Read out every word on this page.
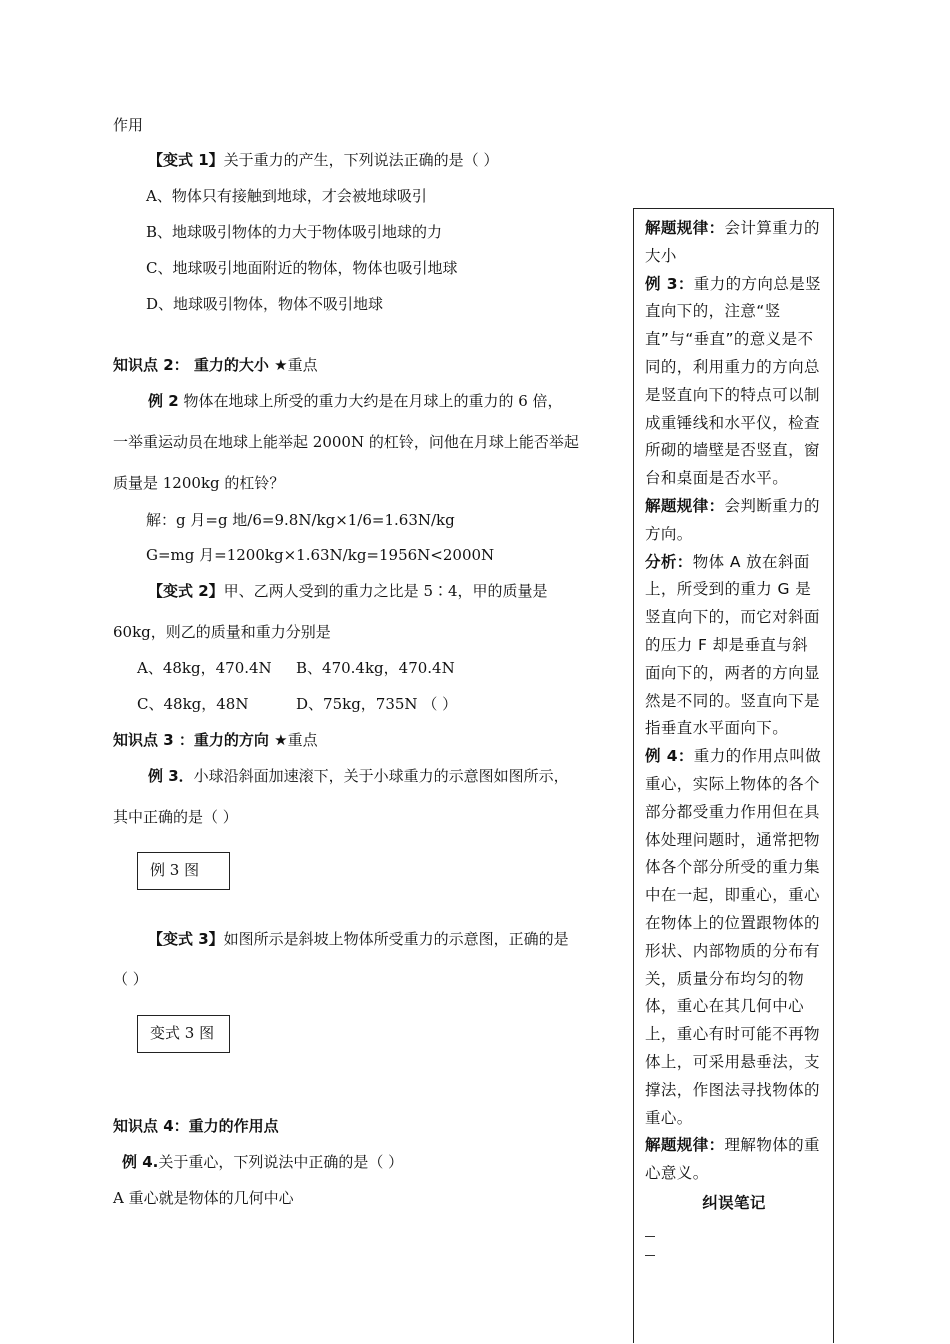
作用
【变式 1】关于重力的产生，下列说法正确的是（ ）
A、物体只有接触到地球，才会被地球吸引
B、地球吸引物体的力大于物体吸引地球的力
C、地球吸引地面附近的物体，物体也吸引地球
D、地球吸引物体，物体不吸引地球
知识点 2： 重力的大小 ★重点
例 2 物体在地球上所受的重力大约是在月球上的重力的 6 倍，
一举重运动员在地球上能举起 2000N 的杠铃，问他在月球上能否举起
质量是 1200kg 的杠铃？
解：g 月=g 地/6=9.8N/kg×1/6=1.63N/kg
G=mg 月=1200kg×1.63N/kg=1956N<2000N
【变式 2】甲、乙两人受到的重力之比是 5∶4，甲的质量是
60kg，则乙的质量和重力分别是
A、48kg，470.4N B、470.4kg，470.4N
C、48kg，48N	D、75kg，735N （ ）
知识点 3 ：重力的方向 ★重点
例 3．小球沿斜面加速滚下，关于小球重力的示意图如图所示，
其中正确的是（ ）
例 3 图
【变式 3】如图所示是斜坡上物体所受重力的示意图，正确的是
（ ）
变式 3 图
知识点 4：重力的作用点
例 4.关于重心，下列说法中正确的是（ ）
A 重心就是物体的几何中心

解题规律：会计算重力的大小

例 3：重力的方向总是竖直向下的，注意“竖直”与“垂直”的意义是不同的，利用重力的方向总是竖直向下的特点可以制成重锤线和水平仪，检查所砌的墙壁是否竖直，窗台和桌面是否水平。

解题规律：会判断重力的方向。

分析：物体 A 放在斜面上，所受到的重力 G 是竖直向下的，而它对斜面的压力 F 却是垂直与斜面向下的，两者的方向显然是不同的。竖直向下是指垂直水平面向下。

例 4：重力的作用点叫做重心，实际上物体的各个部分都受重力作用但在具体处理问题时，通常把物体各个部分所受的重力集中在一起，即重心，重心在物体上的位置跟物体的形状、内部物质的分布有关，质量分布均匀的物体，重心在其几何中心上，重心有时可能不再物体上，可采用悬垂法，支撑法，作图法寻找物体的重心。

解题规律：理解物体的重心意义。

纠误笔记
